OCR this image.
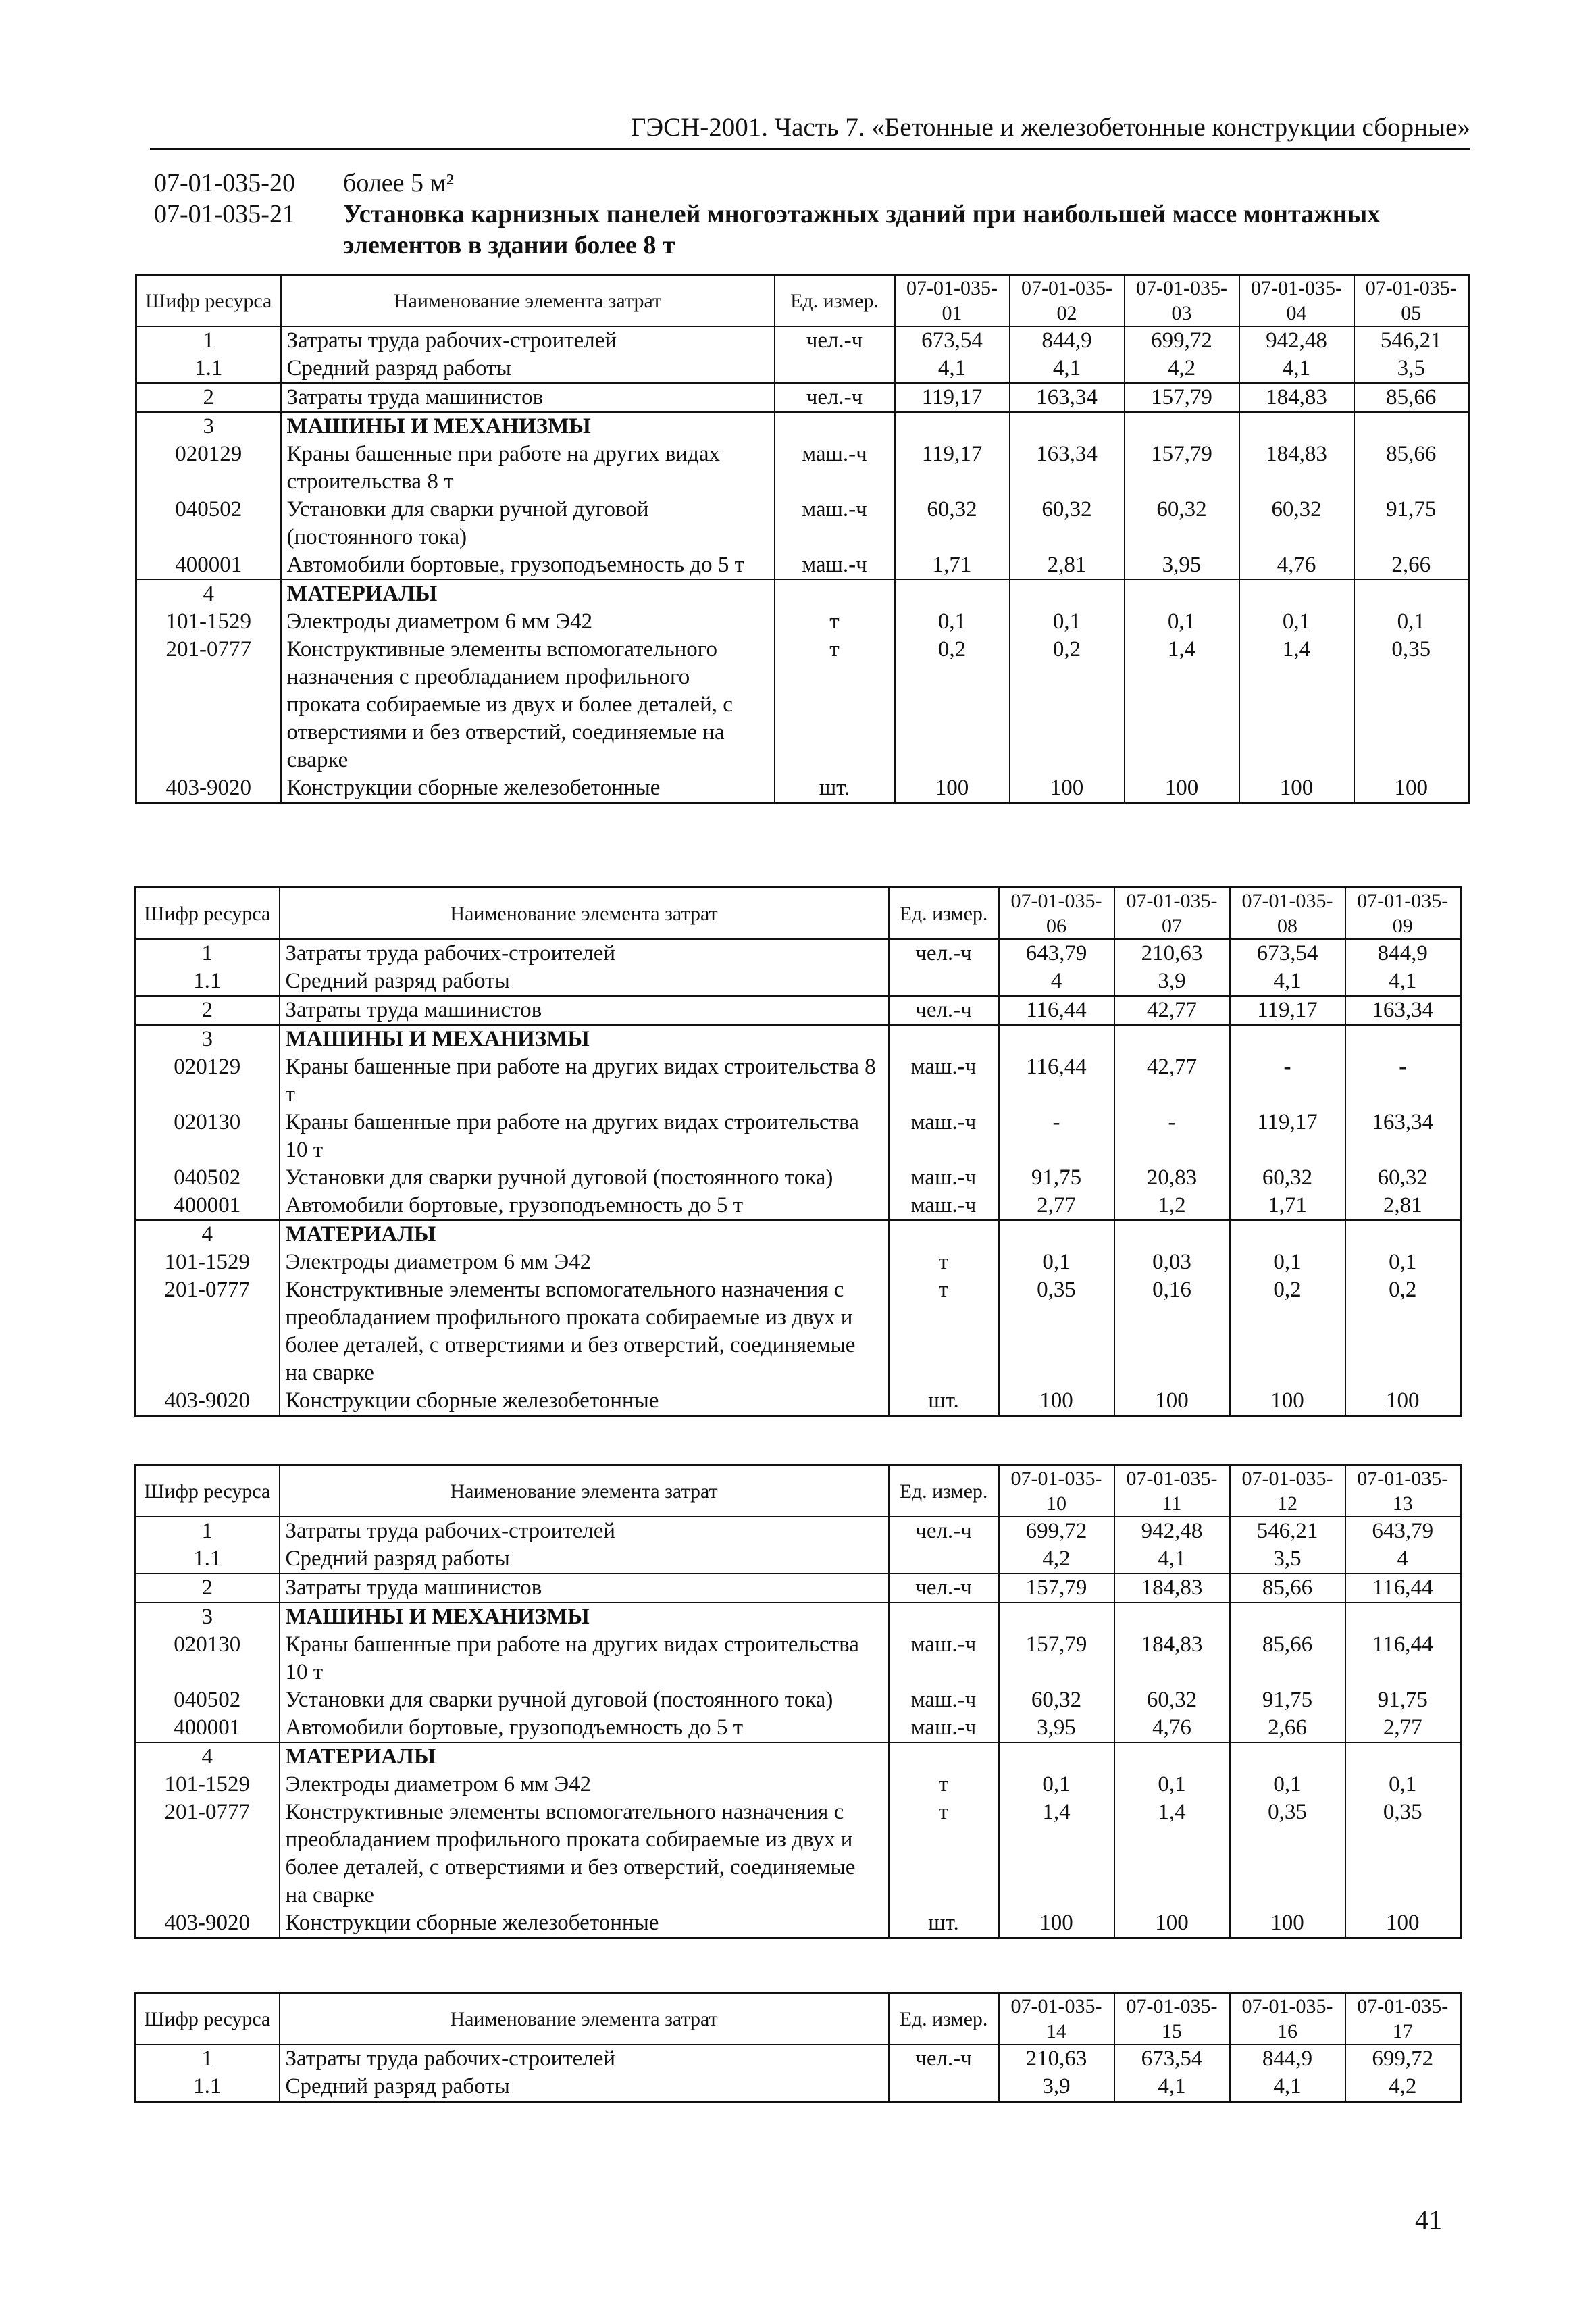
ГЭСН-2001. Часть 7. «Бетонные и железобетонные конструкции сборные»
07-01-035-20	более 5 м²
07-01-035-21	Установка карнизных панелей многоэтажных зданий при наибольшей массе монтажных элементов в здании более 8 т
Шифр ресурса	Наименование элемента затрат	Ед. измер.	07-01-035-01	07-01-035-02	07-01-035-03	07-01-035-04	07-01-035-05
1	Затраты труда рабочих-строителей	чел.-ч	673,54	844,9	699,72	942,48	546,21
1.1	Средний разряд работы		4,1	4,1	4,2	4,1	3,5
2	Затраты труда машинистов	чел.-ч	119,17	163,34	157,79	184,83	85,66
3	МАШИНЫ И МЕХАНИЗМЫ						
020129	Краны башенные при работе на других видах строительства 8 т	маш.-ч	119,17	163,34	157,79	184,83	85,66
040502	Установки для сварки ручной дуговой (постоянного тока)	маш.-ч	60,32	60,32	60,32	60,32	91,75
400001	Автомобили бортовые, грузоподъемность до 5 т	маш.-ч	1,71	2,81	3,95	4,76	2,66
4	МАТЕРИАЛЫ						
101-1529	Электроды диаметром 6 мм Э42	т	0,1	0,1	0,1	0,1	0,1
201-0777	Конструктивные элементы вспомогательного назначения с преобладанием профильного проката собираемые из двух и более деталей, с отверстиями и без отверстий, соединяемые на сварке	т	0,2	0,2	1,4	1,4	0,35
403-9020	Конструкции сборные железобетонные	шт.	100	100	100	100	100
Шифр ресурса	Наименование элемента затрат	Ед. измер.	07-01-035-06	07-01-035-07	07-01-035-08	07-01-035-09
1	Затраты труда рабочих-строителей	чел.-ч	643,79	210,63	673,54	844,9
1.1	Средний разряд работы		4	3,9	4,1	4,1
2	Затраты труда машинистов	чел.-ч	116,44	42,77	119,17	163,34
3	МАШИНЫ И МЕХАНИЗМЫ					
020129	Краны башенные при работе на других видах строительства 8 т	маш.-ч	116,44	42,77	-	-
020130	Краны башенные при работе на других видах строительства 10 т	маш.-ч	-	-	119,17	163,34
040502	Установки для сварки ручной дуговой (постоянного тока)	маш.-ч	91,75	20,83	60,32	60,32
400001	Автомобили бортовые, грузоподъемность до 5 т	маш.-ч	2,77	1,2	1,71	2,81
4	МАТЕРИАЛЫ					
101-1529	Электроды диаметром 6 мм Э42	т	0,1	0,03	0,1	0,1
201-0777	Конструктивные элементы вспомогательного назначения с преобладанием профильного проката собираемые из двух и более деталей, с отверстиями и без отверстий, соединяемые на сварке	т	0,35	0,16	0,2	0,2
403-9020	Конструкции сборные железобетонные	шт.	100	100	100	100
Шифр ресурса	Наименование элемента затрат	Ед. измер.	07-01-035-10	07-01-035-11	07-01-035-12	07-01-035-13
1	Затраты труда рабочих-строителей	чел.-ч	699,72	942,48	546,21	643,79
1.1	Средний разряд работы		4,2	4,1	3,5	4
2	Затраты труда машинистов	чел.-ч	157,79	184,83	85,66	116,44
3	МАШИНЫ И МЕХАНИЗМЫ					
020130	Краны башенные при работе на других видах строительства 10 т	маш.-ч	157,79	184,83	85,66	116,44
040502	Установки для сварки ручной дуговой (постоянного тока)	маш.-ч	60,32	60,32	91,75	91,75
400001	Автомобили бортовые, грузоподъемность до 5 т	маш.-ч	3,95	4,76	2,66	2,77
4	МАТЕРИАЛЫ					
101-1529	Электроды диаметром 6 мм Э42	т	0,1	0,1	0,1	0,1
201-0777	Конструктивные элементы вспомогательного назначения с преобладанием профильного проката собираемые из двух и более деталей, с отверстиями и без отверстий, соединяемые на сварке	т	1,4	1,4	0,35	0,35
403-9020	Конструкции сборные железобетонные	шт.	100	100	100	100
Шифр ресурса	Наименование элемента затрат	Ед. измер.	07-01-035-14	07-01-035-15	07-01-035-16	07-01-035-17
1	Затраты труда рабочих-строителей	чел.-ч	210,63	673,54	844,9	699,72
1.1	Средний разряд работы		3,9	4,1	4,1	4,2
41
